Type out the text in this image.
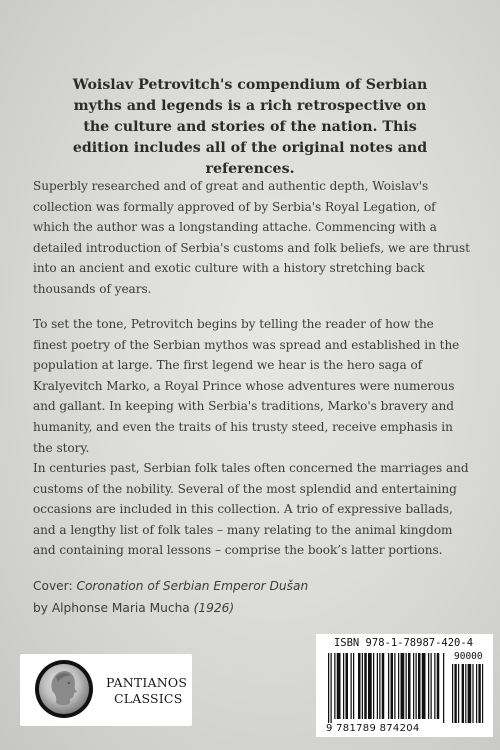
Woislav Petrovitch's compendium of Serbian myths and legends is a rich retrospective on the culture and stories of the nation. This edition includes all of the original notes and references.

Superbly researched and of great and authentic depth, Woislav's collection was formally approved of by Serbia's Royal Legation, of which the author was a longstanding attache. Commencing with a detailed introduction of Serbia's customs and folk beliefs, we are thrust into an ancient and exotic culture with a history stretching back thousands of years.

To set the tone, Petrovitch begins by telling the reader of how the finest poetry of the Serbian mythos was spread and established in the population at large. The first legend we hear is the hero saga of Kralyevitch Marko, a Royal Prince whose adventures were numerous and gallant. In keeping with Serbia's traditions, Marko's bravery and humanity, and even the traits of his trusty steed, receive emphasis in the story.

In centuries past, Serbian folk tales often concerned the marriages and customs of the nobility. Several of the most splendid and entertaining occasions are included in this collection. A trio of expressive ballads, and a lengthy list of folk tales – many relating to the animal kingdom and containing moral lessons – comprise the book’s latter portions.

Cover: Coronation of Serbian Emperor Dušan
by Alphonse Maria Mucha (1926)
PANTIANOS
CLASSICS
ISBN 978-1-78987-420-4
90000
9 781789 874204
